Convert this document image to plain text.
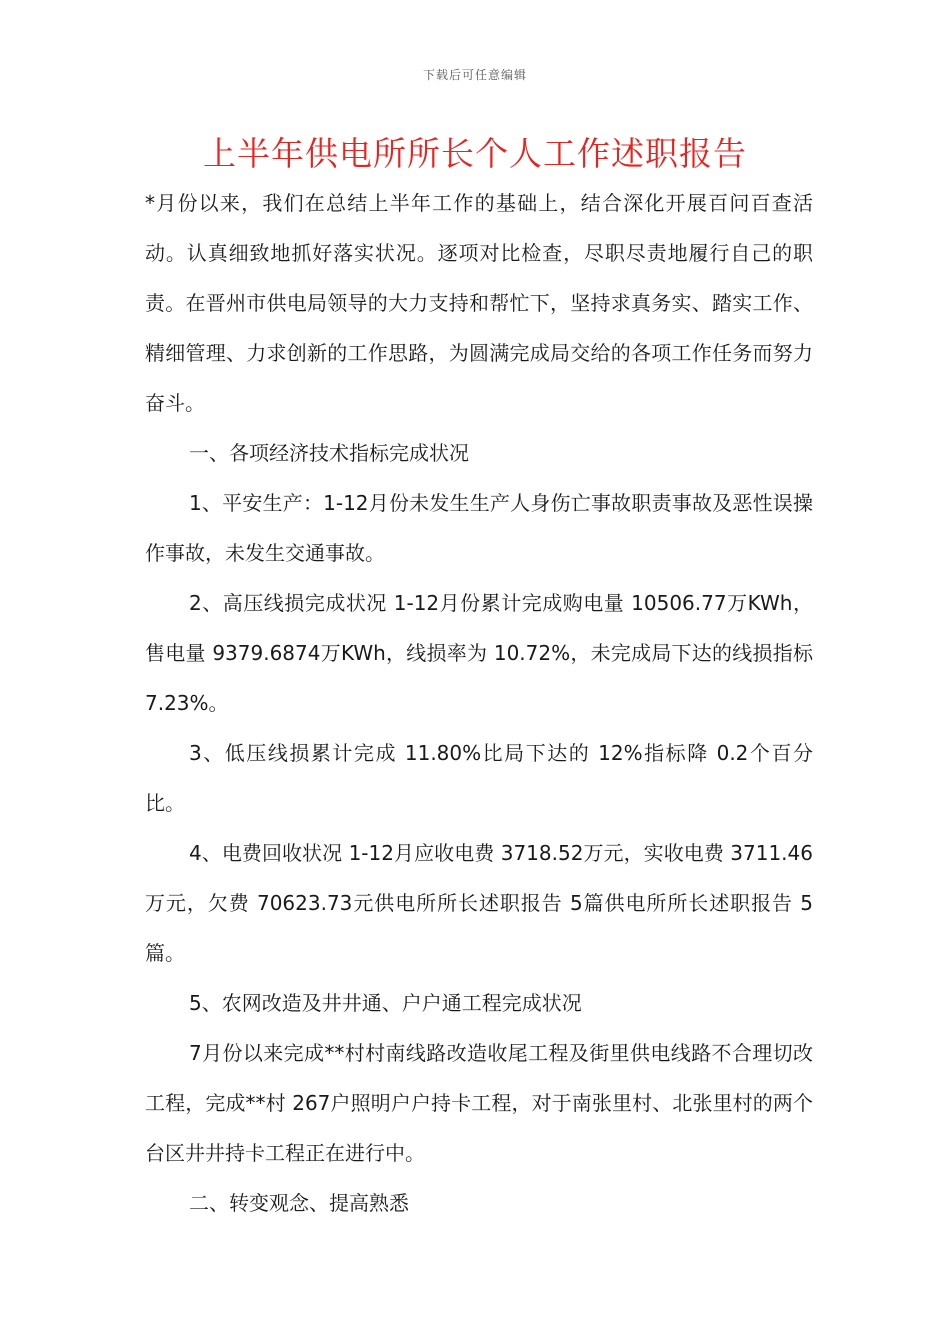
下载后可任意编辑
上半年供电所所长个人工作述职报告

*月份以来，我们在总结上半年工作的基础上，结合深化开展百问百查活动。认真细致地抓好落实状况。逐项对比检查，尽职尽责地履行自己的职责。在晋州市供电局领导的大力支持和帮忙下，坚持求真务实、踏实工作、精细管理、力求创新的工作思路，为圆满完成局交给的各项工作任务而努力奋斗。

一、各项经济技术指标完成状况

1、平安生产：1-12月份未发生生产人身伤亡事故职责事故及恶性误操作事故，未发生交通事故。

2、高压线损完成状况 1-12月份累计完成购电量 10506.77万KWh，售电量 9379.6874万KWh，线损率为 10.72%，未完成局下达的线损指标 7.23%。

3、低压线损累计完成 11.80%比局下达的 12%指标降 0.2个百分比。

4、电费回收状况 1-12月应收电费 3718.52万元，实收电费 3711.46万元，欠费 70623.73元供电所所长述职报告 5篇供电所所长述职报告 5篇。

5、农网改造及井井通、户户通工程完成状况

7月份以来完成**村村南线路改造收尾工程及街里供电线路不合理切改工程，完成**村 267户照明户户持卡工程，对于南张里村、北张里村的两个台区井井持卡工程正在进行中。

二、转变观念、提高熟悉
